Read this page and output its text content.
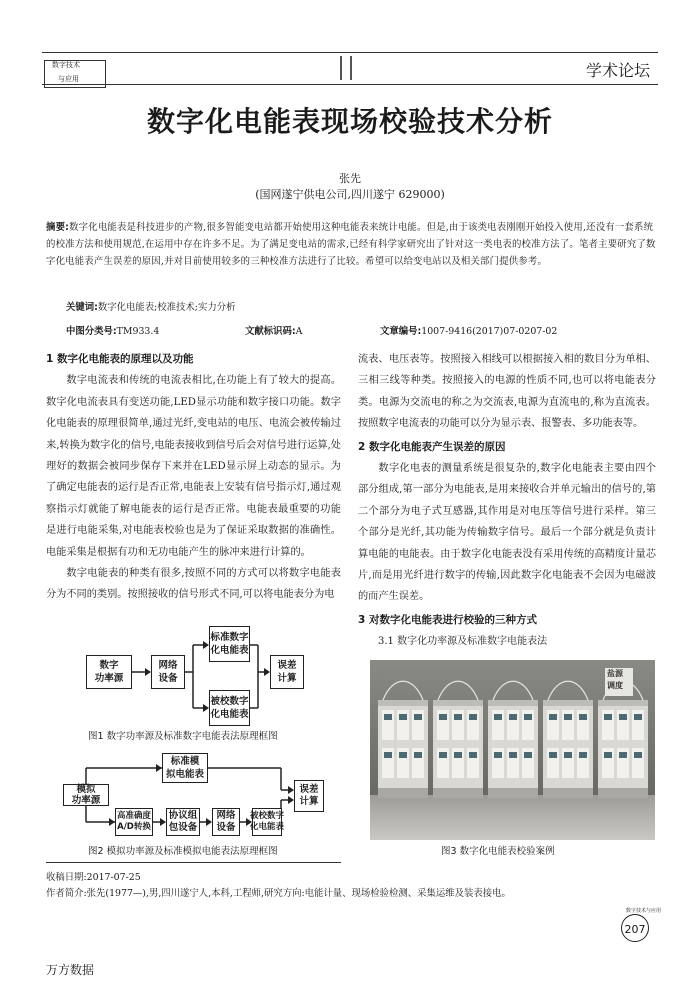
数字技术
与应用	学术论坛
数字化电能表现场校验技术分析
张先
(国网遂宁供电公司,四川遂宁 629000)
摘要:数字化电能表是科技进步的产物,很多智能变电站都开始使用这种电能表来统计电能。但是,由于该类电表刚刚开始投入使用,还没有一套系统的校准方法和使用规范,在运用中存在许多不足。为了满足变电站的需求,已经有科学家研究出了针对这一类电表的校准方法了。笔者主要研究了数字化电能表产生误差的原因,并对目前使用较多的三种校准方法进行了比较。希望可以给变电站以及相关部门提供参考。
关键词:数字化电能表;校准技术;实力分析
中图分类号:TM933.4	文献标识码:A	文章编号:1007-9416(2017)07-0207-02

1 数字化电能表的原理以及功能

数字电流表和传统的电流表相比,在功能上有了较大的提高。数字化电流表具有变送功能,LED显示功能和数字接口功能。数字化电能表的原理很简单,通过光纤,变电站的电压、电流会被传输过来,转换为数字化的信号,电能表接收到信号后会对信号进行运算,处理好的数据会被同步保存下来并在LED显示屏上动态的显示。为了确定电能表的运行是否正常,电能表上安装有信号指示灯,通过观察指示灯就能了解电能表的运行是否正常。电能表最重要的功能是进行电能采集,对电能表校验也是为了保证采取数据的准确性。电能采集是根据有功和无功电能产生的脉冲来进行计算的。

数字电能表的种类有很多,按照不同的方式可以将数字电能表分为不同的类别。按照接收的信号形式不同,可以将电能表分为电

流表、电压表等。按照接入相线可以根据接入相的数目分为单相、三相三线等种类。按照接入的电源的性质不同,也可以将电能表分类。电源为交流电的称之为交流表,电源为直流电的,称为直流表。按照数字电流表的功能可以分为显示表、报警表、多功能表等。

2 数字化电能表产生误差的原因

数字化电表的测量系统是很复杂的,数字化电能表主要由四个部分组成,第一部分为电能表,是用来接收合并单元输出的信号的,第二个部分为电子式互感器,其作用是对电压等信号进行采样。第三个部分是光纤,其功能为传输数字信号。最后一个部分就是负责计算电能的电能表。由于数字化电能表没有采用传统的高精度计量芯片,而是用光纤进行数字的传输,因此数字化电能表不会因为电磁波的而产生误差。

3 对数字化电能表进行校验的三种方式

3.1 数字化功率源及标准数字电能表法

数字
功率源
网络
设备
标准数字
化电能表
被校数字
化电能表
误差
计算
图1 数字功率源及标准数字电能表法原理框图
标准模
拟电能表
模拟
功率源
高准确度
A/D转换
协议组
包设备
网络
设备
被校数字
化电能表
误差
计算
图2 模拟功率源及标准模拟电能表法原理框图
盐源
调度
图3 数字化电能表校验案例
收稿日期:2017-07-25
作者简介:张先(1977—),男,四川遂宁人,本科,工程师,研究方向:电能计量、现场检验检测、采集运维及装表接电。
数字技术与应用
207
万方数据
